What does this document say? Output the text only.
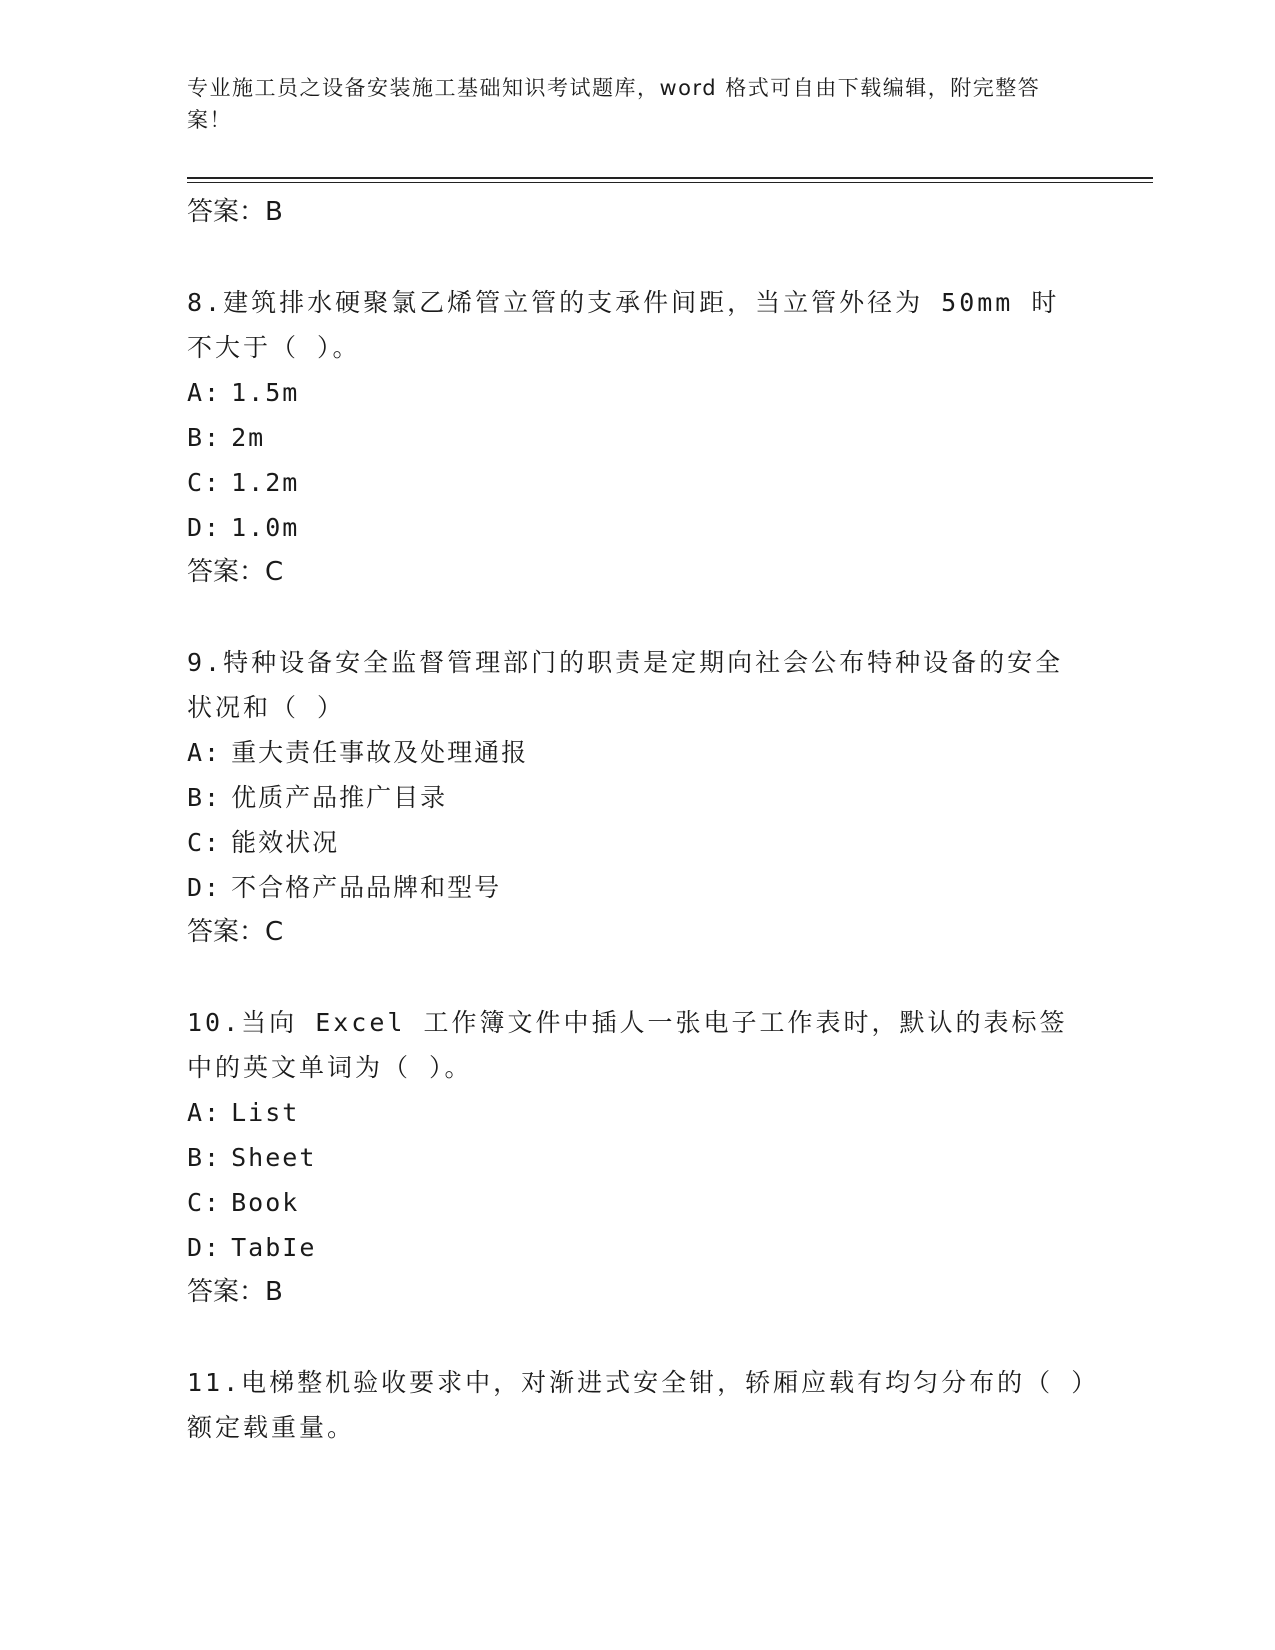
专业施工员之设备安装施工基础知识考试题库，word 格式可自由下载编辑，附完整答案！
答案：B
8.建筑排水硬聚氯乙烯管立管的支承件间距，当立管外径为 50mm 时不大于（ ）。
A: 1.5m
B: 2m
C: 1.2m
D: 1.0m
答案：C
9.特种设备安全监督管理部门的职责是定期向社会公布特种设备的安全状况和（ ）
A: 重大责任事故及处理通报
B: 优质产品推广目录
C: 能效状况
D: 不合格产品品牌和型号
答案：C
10.当向 Excel 工作簿文件中插人一张电子工作表时，默认的表标签中的英文单词为（ ）。
A: List
B: Sheet
C: Book
D: TabIe
答案：B
11.电梯整机验收要求中，对渐进式安全钳，轿厢应载有均匀分布的（ ）额定载重量。
